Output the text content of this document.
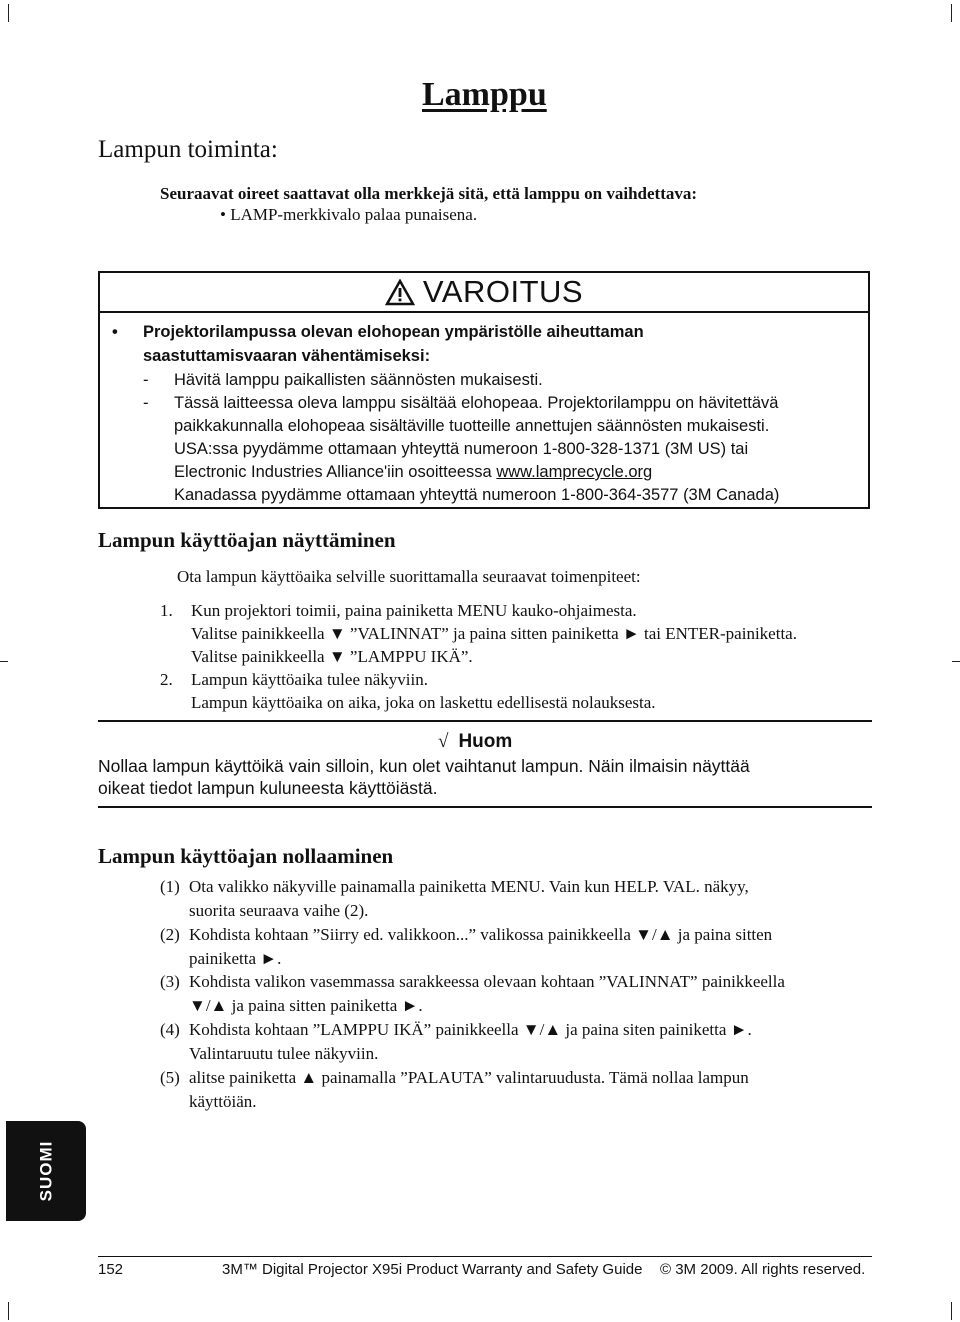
Lamppu
Lampun toiminta:
Seuraavat oireet saattavat olla merkkejä sitä, että lamppu on vaihdettava:
• LAMP-merkkivalo palaa punaisena.
VAROITUS
• Projektorilampussa olevan elohopean ympäristölle aiheuttaman
saastuttamisvaaran vähentämiseksi:
- Hävitä lamppu paikallisten säännösten mukaisesti.
- Tässä laitteessa oleva lamppu sisältää elohopeaa. Projektorilamppu on hävitettävä
paikkakunnalla elohopeaa sisältäville tuotteille annettujen säännösten mukaisesti.
USA:ssa pyydämme ottamaan yhteyttä numeroon 1-800-328-1371 (3M US) tai
Electronic Industries Alliance'iin osoitteessa www.lamprecycle.org
Kanadassa pyydämme ottamaan yhteyttä numeroon 1-800-364-3577 (3M Canada)
Lampun käyttöajan näyttäminen
Ota lampun käyttöaika selville suorittamalla seuraavat toimenpiteet:
1. Kun projektori toimii, paina painiketta MENU kauko-ohjaimesta.
Valitse painikkeella ▼ ”VALINNAT” ja paina sitten painiketta ► tai ENTER-painiketta.
Valitse painikkeella ▼ ”LAMPPU IKÄ”.
2. Lampun käyttöaika tulee näkyviin.
Lampun käyttöaika on aika, joka on laskettu edellisestä nolauksesta.
√ Huom
Nollaa lampun käyttöikä vain silloin, kun olet vaihtanut lampun. Näin ilmaisin näyttää
oikeat tiedot lampun kuluneesta käyttöiästä.
Lampun käyttöajan nollaaminen
(1) Ota valikko näkyville painamalla painiketta MENU. Vain kun HELP. VAL. näkyy,
suorita seuraava vaihe (2).
(2) Kohdista kohtaan ”Siirry ed. valikkoon...” valikossa painikkeella ▼/▲ ja paina sitten
painiketta ►.
(3) Kohdista valikon vasemmassa sarakkeessa olevaan kohtaan ”VALINNAT” painikkeella
▼/▲ ja paina sitten painiketta ►.
(4) Kohdista kohtaan ”LAMPPU IKÄ” painikkeella ▼/▲ ja paina siten painiketta ►.
Valintaruutu tulee näkyviin.
(5) alitse painiketta ▲ painamalla ”PALAUTA” valintaruudusta. Tämä nollaa lampun
käyttöiän.
SUOMI
152	3M™ Digital Projector X95i Product Warranty and Safety Guide © 3M 2009. All rights reserved.
